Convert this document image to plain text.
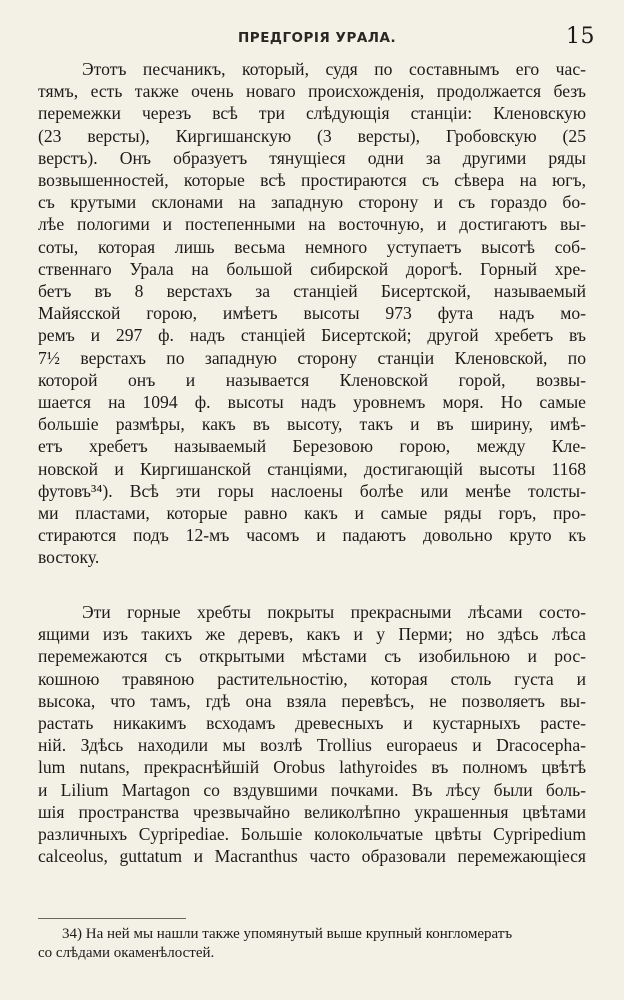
ПРЕДГОРІЯ УРАЛА.	15
Этотъ песчаникъ, который, судя по составнымъ его час-
тямъ, есть также очень новаго происхожденія, продолжается безъ
перемежки черезъ всѣ три слѣдующія станціи: Кленовскую
(23 версты), Киргишанскую (3 версты), Гробовскую (25
верстъ). Онъ образуетъ тянущіеся одни за другими ряды
возвышенностей, которые всѣ простираются съ сѣвера на югъ,
съ крутыми склонами на западную сторону и съ гораздо бо-
лѣе пологими и постепенными на восточную, и достигаютъ вы-
соты, которая лишь весьма немного уступаетъ высотѣ соб-
ственнаго Урала на большой сибирской дорогѣ. Горный хре-
бетъ въ 8 верстахъ за станціей Бисертской, называемый
Майясской горою, имѣетъ высоты 973 фута надъ мо-
ремъ и 297 ф. надъ станціей Бисертской; другой хребетъ въ
7½ верстахъ по западную сторону станціи Кленовской, по
которой онъ и называется Кленовской горой, возвы-
шается на 1094 ф. высоты надъ уровнемъ моря. Но самые
большіе размѣры, какъ въ высоту, такъ и въ ширину, имѣ-
етъ хребетъ называемый Березовою горою, между Кле-
новской и Киргишанской станціями, достигающій высоты 1168
футовъ³⁴). Всѣ эти горы наслоены болѣе или менѣе толсты-
ми пластами, которые равно какъ и самые ряды горъ, про-
стираются подъ 12-мъ часомъ и падаютъ довольно круто къ
востоку.
Эти горные хребты покрыты прекрасными лѣсами состо-
ящими изъ такихъ же деревъ, какъ и у Перми; но здѣсь лѣса
перемежаются съ открытыми мѣстами съ изобильною и рос-
кошною травяною растительностію, которая столь густа и
высока, что тамъ, гдѣ она взяла перевѣсъ, не позволяетъ вы-
растать никакимъ всходамъ древесныхъ и кустарныхъ расте-
ній. Здѣсь находили мы возлѣ Trollius europaeus и Dracocepha-
lum nutans, прекраснѣйшій Orobus lathyroides въ полномъ цвѣтѣ
и Lilium Martagon со вздувшими почками. Въ лѣсу были боль-
шія пространства чрезвычайно великолѣпно украшенныя цвѣтами
различныхъ Cypripediae. Большіе колокольчатые цвѣты Cypripedium
calceolus, guttatum и Macranthus часто образовали перемежающіеся
34) На ней мы нашли также упомянутый выше крупный конгломератъ
со слѣдами окаменѣлостей.
